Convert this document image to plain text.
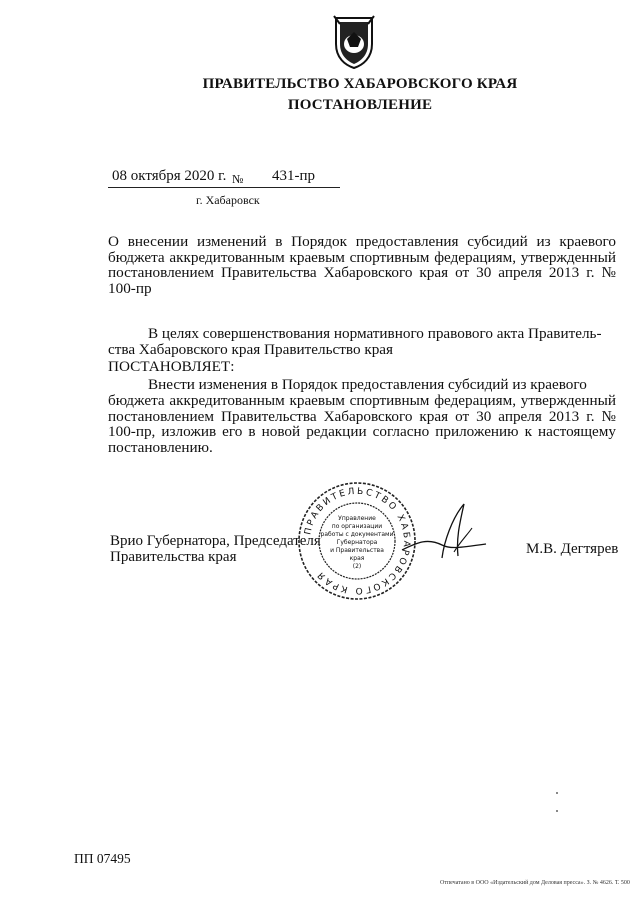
ПРАВИТЕЛЬСТВО ХАБАРОВСКОГО КРАЯ
ПОСТАНОВЛЕНИЕ
08 октября 2020 г. № 431-пр
г. Хабаровск
О внесении изменений в Порядок предоставления субсидий из краевого бюджета аккредитованным краевым спортивным федерациям, утвержденный постановлением Правительства Хабаровского края от 30 апреля 2013 г. № 100-пр
В целях совершенствования нормативного правового акта Правитель-
ства Хабаровского края Правительство края
ПОСТАНОВЛЯЕТ:
Внести изменения в Порядок предоставления субсидий из краевого
бюджета аккредитованным краевым спортивным федерациям, утвержденный постановлением Правительства Хабаровского края от 30 апреля 2013 г. № 100-пр, изложив его в новой редакции согласно приложению к настоящему постановлению.
Врио Губернатора, Председателя
Правительства края	М.В. Дегтярев
ПРАВИТЕЛЬСТВО ХАБАРОВСКОГО КРАЯ
Управление
по организации
работы с документами
Губернатора
и Правительства
края
(2)
ПП 07495
Отпечатано в ООО «Издательский дом Деловая пресса». З. № 4626. Т. 500
